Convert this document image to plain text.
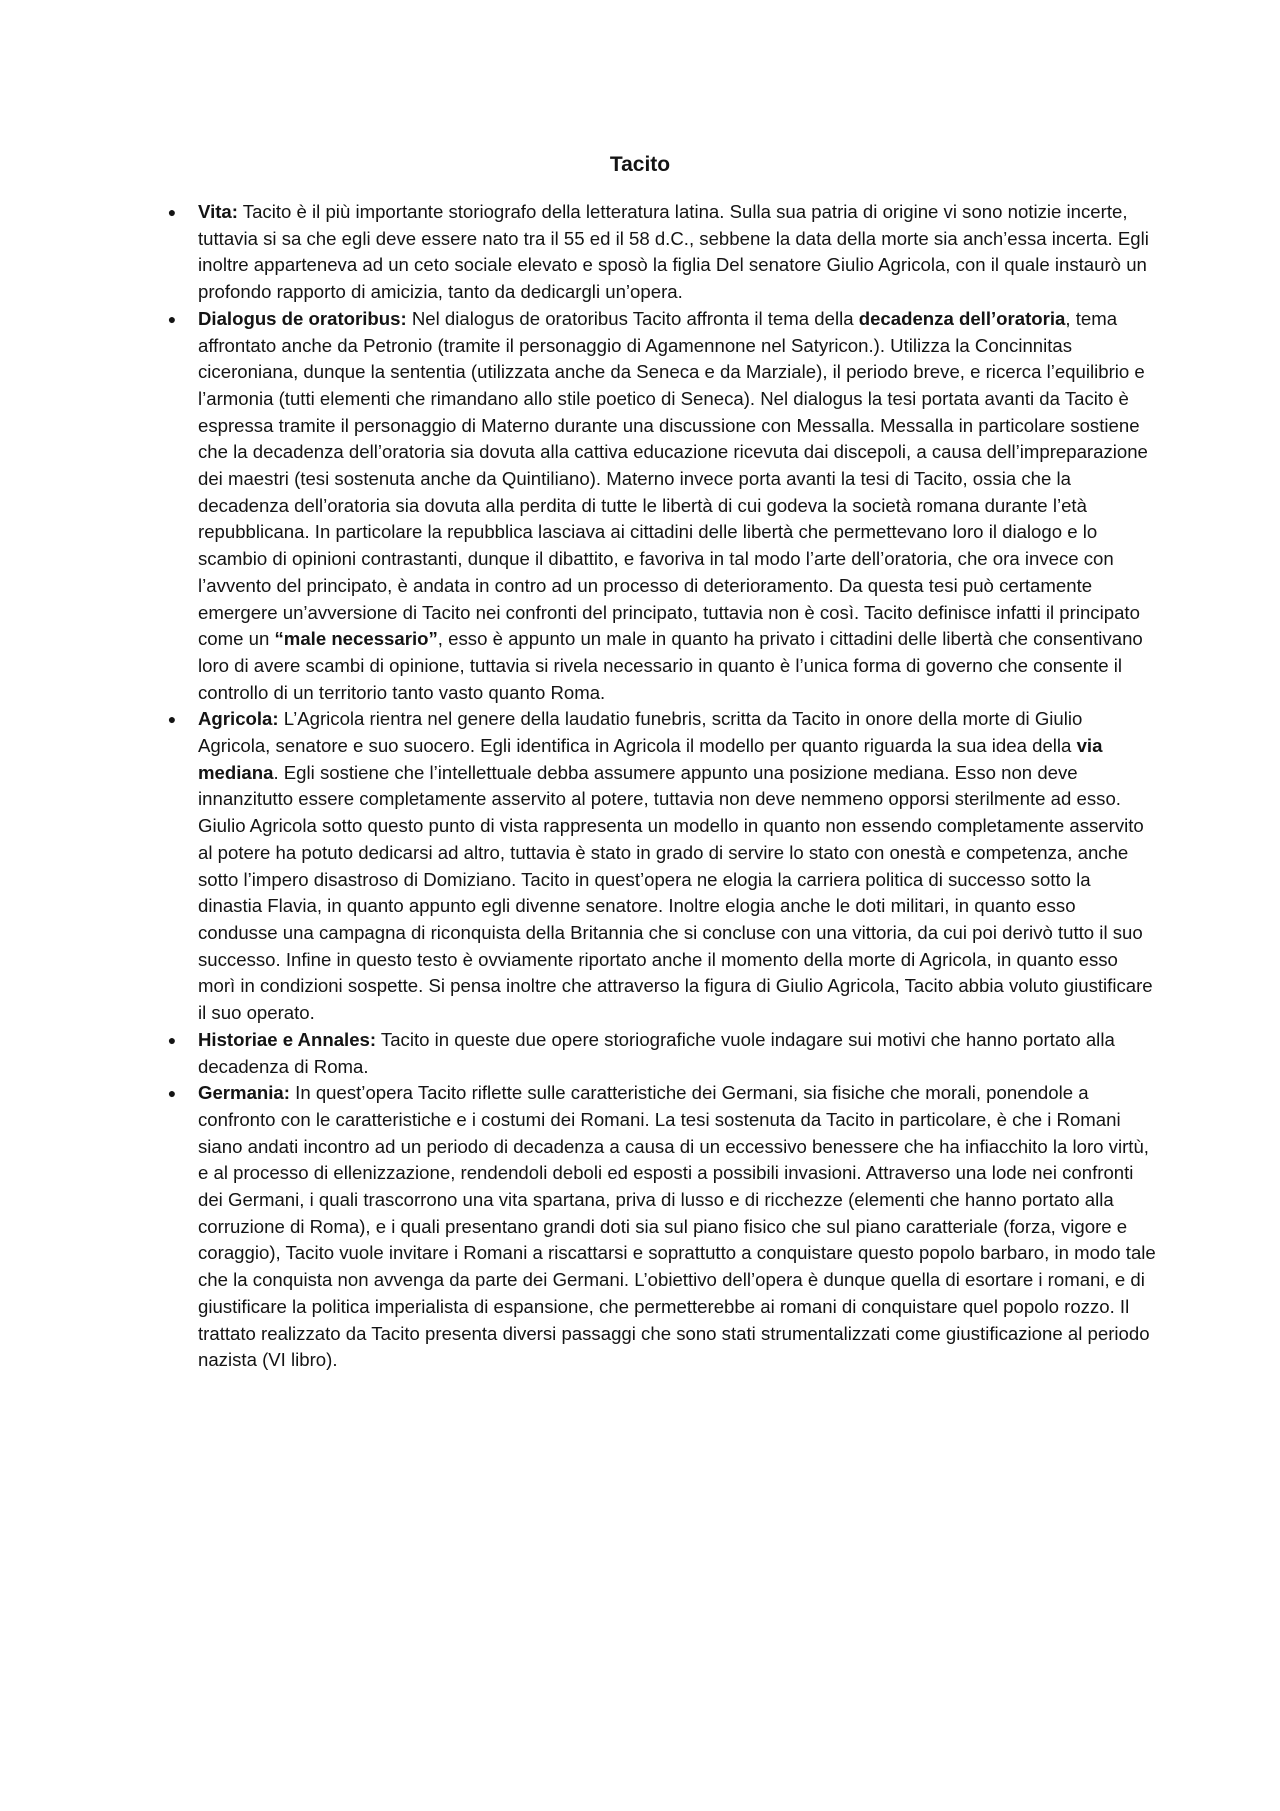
Tacito
●	Vita: Tacito è il più importante storiografo della letteratura latina. Sulla sua patria di origine vi sono notizie incerte, tuttavia si sa che egli deve essere nato tra il 55 ed il 58 d.C., sebbene la data della morte sia anch’essa incerta. Egli inoltre apparteneva ad un ceto sociale elevato e sposò la figlia Del senatore Giulio Agricola, con il quale instaurò un profondo rapporto di amicizia, tanto da dedicargli un’opera.
●	Dialogus de oratoribus: Nel dialogus de oratoribus Tacito affronta il tema della decadenza dell’oratoria, tema affrontato anche da Petronio (tramite il personaggio di Agamennone nel Satyricon.). Utilizza la Concinnitas ciceroniana, dunque la sententia (utilizzata anche da Seneca e da Marziale), il periodo breve, e ricerca l’equilibrio e l’armonia (tutti elementi che rimandano allo stile poetico di Seneca). Nel dialogus la tesi portata avanti da Tacito è espressa tramite il personaggio di Materno durante una discussione con Messalla. Messalla in particolare sostiene che la decadenza dell’oratoria sia dovuta alla cattiva educazione ricevuta dai discepoli, a causa dell’impreparazione dei maestri (tesi sostenuta anche da Quintiliano). Materno invece porta avanti la tesi di Tacito, ossia che la decadenza dell’oratoria sia dovuta alla perdita di tutte le libertà di cui godeva la società romana durante l’età repubblicana. In particolare la repubblica lasciava ai cittadini delle libertà che permettevano loro il dialogo e lo scambio di opinioni contrastanti, dunque il dibattito, e favoriva in tal modo l’arte dell’oratoria, che ora invece con l’avvento del principato, è andata in contro ad un processo di deterioramento. Da questa tesi può certamente emergere un’avversione di Tacito nei confronti del principato, tuttavia non è così. Tacito definisce infatti il principato come un “male necessario”, esso è appunto un male in quanto ha privato i cittadini delle libertà che consentivano loro di avere scambi di opinione, tuttavia si rivela necessario in quanto è l’unica forma di governo che consente il controllo di un territorio tanto vasto quanto Roma.
●	Agricola: L’Agricola rientra nel genere della laudatio funebris, scritta da Tacito in onore della morte di Giulio Agricola, senatore e suo suocero. Egli identifica in Agricola il modello per quanto riguarda la sua idea della via mediana. Egli sostiene che l’intellettuale debba assumere appunto una posizione mediana. Esso non deve innanzitutto essere completamente asservito al potere, tuttavia non deve nemmeno opporsi sterilmente ad esso. Giulio Agricola sotto questo punto di vista rappresenta un modello in quanto non essendo completamente asservito al potere ha potuto dedicarsi ad altro, tuttavia è stato in grado di servire lo stato con onestà e competenza, anche sotto l’impero disastroso di Domiziano. Tacito in quest’opera ne elogia la carriera politica di successo sotto la dinastia Flavia, in quanto appunto egli divenne senatore. Inoltre elogia anche le doti militari, in quanto esso condusse una campagna di riconquista della Britannia che si concluse con una vittoria, da cui poi derivò tutto il suo successo. Infine in questo testo è ovviamente riportato anche il momento della morte di Agricola, in quanto esso morì in condizioni sospette. Si pensa inoltre che attraverso la figura di Giulio Agricola, Tacito abbia voluto giustificare il suo operato.
●	Historiae e Annales: Tacito in queste due opere storiografiche vuole indagare sui motivi che hanno portato alla decadenza di Roma.
●	Germania: In quest’opera Tacito riflette sulle caratteristiche dei Germani, sia fisiche che morali, ponendole a confronto con le caratteristiche e i costumi dei Romani. La tesi sostenuta da Tacito in particolare, è che i Romani siano andati incontro ad un periodo di decadenza a causa di un eccessivo benessere che ha infiacchito la loro virtù, e al processo di ellenizzazione, rendendoli deboli ed esposti a possibili invasioni. Attraverso una lode nei confronti dei Germani, i quali trascorrono una vita spartana, priva di lusso e di ricchezze (elementi che hanno portato alla corruzione di Roma), e i quali presentano grandi doti sia sul piano fisico che sul piano caratteriale (forza, vigore e coraggio), Tacito vuole invitare i Romani a riscattarsi e soprattutto a conquistare questo popolo barbaro, in modo tale che la conquista non avvenga da parte dei Germani. L’obiettivo dell’opera è dunque quella di esortare i romani, e di giustificare la politica imperialista di espansione, che permetterebbe ai romani di conquistare quel popolo rozzo. Il trattato realizzato da Tacito presenta diversi passaggi che sono stati strumentalizzati come giustificazione al periodo nazista (VI libro).
